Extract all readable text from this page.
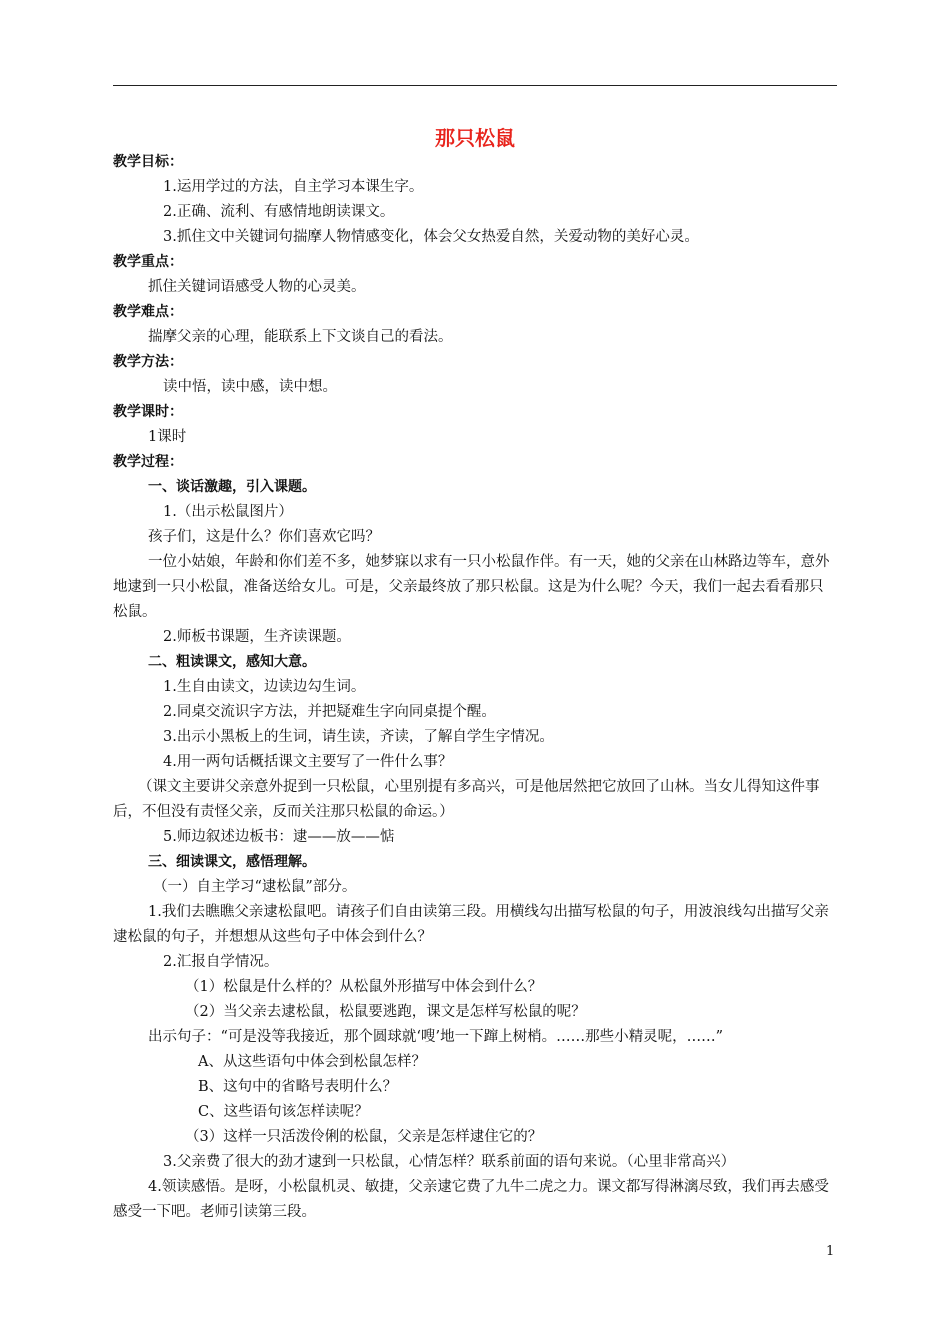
那只松鼠

教学目标：

1.运用学过的方法，自主学习本课生字。

2.正确、流利、有感情地朗读课文。

3.抓住文中关键词句揣摩人物情感变化，体会父女热爱自然，关爱动物的美好心灵。

教学重点：

抓住关键词语感受人物的心灵美。

教学难点：

揣摩父亲的心理，能联系上下文谈自己的看法。

教学方法：

读中悟，读中感，读中想。

教学课时：

1课时

教学过程：

一、谈话激趣，引入课题。

1.（出示松鼠图片）

孩子们，这是什么？你们喜欢它吗？

一位小姑娘，年龄和你们差不多，她梦寐以求有一只小松鼠作伴。有一天，她的父亲在山林路边等车，意外地逮到一只小松鼠，准备送给女儿。可是，父亲最终放了那只松鼠。这是为什么呢？今天，我们一起去看看那只松鼠。

2.师板书课题，生齐读课题。

二、粗读课文，感知大意。

1.生自由读文，边读边勾生词。

2.同桌交流识字方法，并把疑难生字向同桌提个醒。

3.出示小黑板上的生词，请生读，齐读，了解自学生字情况。

4.用一两句话概括课文主要写了一件什么事？

（课文主要讲父亲意外捉到一只松鼠，心里别提有多高兴，可是他居然把它放回了山林。当女儿得知这件事后，不但没有责怪父亲，反而关注那只松鼠的命运。）

5.师边叙述边板书：逮——放——惦

三、细读课文，感悟理解。

（一）自主学习“逮松鼠”部分。

1.我们去瞧瞧父亲逮松鼠吧。请孩子们自由读第三段。用横线勾出描写松鼠的句子，用波浪线勾出描写父亲逮松鼠的句子，并想想从这些句子中体会到什么？

2.汇报自学情况。

（1）松鼠是什么样的？从松鼠外形描写中体会到什么？

（2）当父亲去逮松鼠，松鼠要逃跑，课文是怎样写松鼠的呢？

出示句子：“可是没等我接近，那个圆球就‘嗖’地一下蹿上树梢。……那些小精灵呢，……”

A、从这些语句中体会到松鼠怎样？

B、这句中的省略号表明什么？

C、这些语句该怎样读呢？

（3）这样一只活泼伶俐的松鼠，父亲是怎样逮住它的？

3.父亲费了很大的劲才逮到一只松鼠，心情怎样？联系前面的语句来说。（心里非常高兴）

4.领读感悟。是呀，小松鼠机灵、敏捷，父亲逮它费了九牛二虎之力。课文都写得淋漓尽致，我们再去感受感受一下吧。老师引读第三段。

1
